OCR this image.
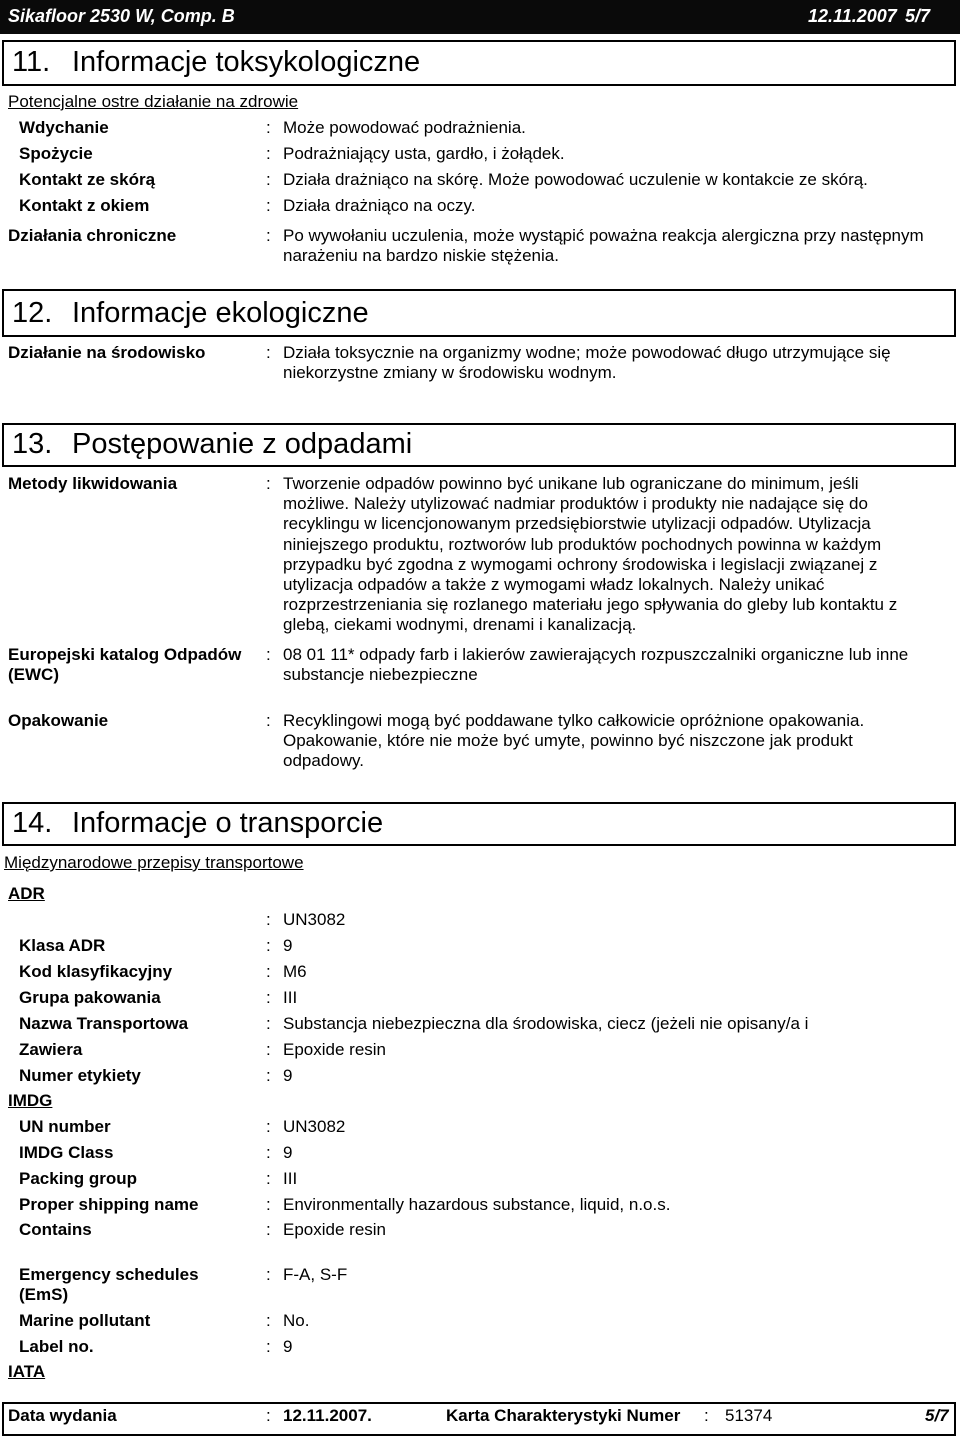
Sikafloor 2530 W, Comp. B	12.11.2007 5/7
11. Informacje toksykologiczne
Potencjalne ostre działanie na zdrowie
Wdychanie	: Może powodować podrażnienia.
Spożycie	: Podrażniający usta, gardło, i żołądek.
Kontakt ze skórą	: Działa drażniąco na skórę. Może powodować uczulenie w kontakcie ze skórą.
Kontakt z okiem	: Działa drażniąco na oczy.
Działania chroniczne	: Po wywołaniu uczulenia, może wystąpić poważna reakcja alergiczna przy następnym narażeniu na bardzo niskie stężenia.
12. Informacje ekologiczne
Działanie na środowisko	: Działa toksycznie na organizmy wodne; może powodować długo utrzymujące się niekorzystne zmiany w środowisku wodnym.
13. Postępowanie z odpadami
Metody likwidowania	: Tworzenie odpadów powinno być unikane lub ograniczane do minimum, jeśli możliwe. Należy utylizować nadmiar produktów i produkty nie nadające się do recyklingu w licencjonowanym przedsiębiorstwie utylizacji odpadów. Utylizacja niniejszego produktu, roztworów lub produktów pochodnych powinna w każdym przypadku być zgodna z wymogami ochrony środowiska i legislacji związanej z utylizacja odpadów a także z wymogami władz lokalnych. Należy unikać rozprzestrzeniania się rozlanego materiału jego spływania do gleby lub kontaktu z glebą, ciekami wodnymi, drenami i kanalizacją.
Europejski katalog Odpadów (EWC)
: 08 01 11* odpady farb i lakierów zawierających rozpuszczalniki organiczne lub inne substancje niebezpieczne
Opakowanie	: Recyklingowi mogą być poddawane tylko całkowicie opróżnione opakowania. Opakowanie, które nie może być umyte, powinno być niszczone jak produkt odpadowy.
14. Informacje o transporcie
Międzynarodowe przepisy transportowe
ADR
: UN3082
Klasa ADR	: 9
Kod klasyfikacyjny	: M6
Grupa pakowania	: III
Nazwa Transportowa	: Substancja niebezpieczna dla środowiska, ciecz (jeżeli nie opisany/a i
Zawiera	: Epoxide resin
Numer etykiety	: 9
IMDG
UN number	: UN3082
IMDG Class	: 9
Packing group	: III
Proper shipping name	: Environmentally hazardous substance, liquid, n.o.s.
Contains	: Epoxide resin
Emergency schedules (EmS)
: F-A, S-F
Marine pollutant	: No.
Label no.	: 9
IATA
Data wydania	: 12.11.2007.	Karta Charakterystyki Numer : 51374	5/7
